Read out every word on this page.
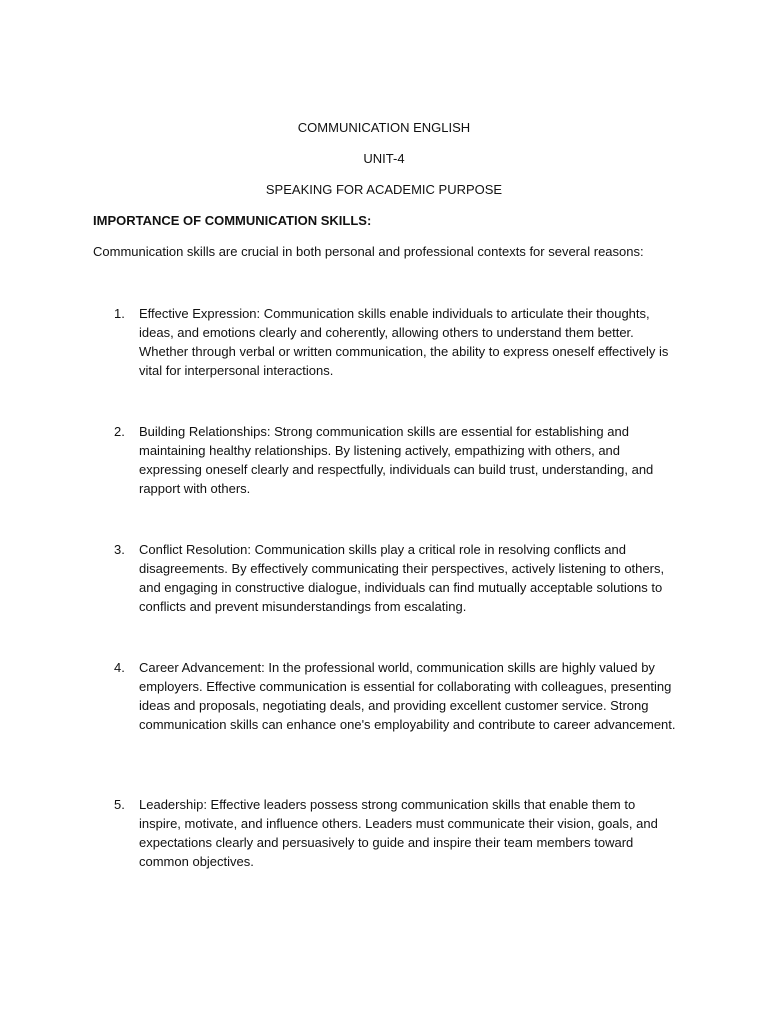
COMMUNICATION ENGLISH

UNIT-4

SPEAKING FOR ACADEMIC PURPOSE

IMPORTANCE OF COMMUNICATION SKILLS:

Communication skills are crucial in both personal and professional contexts for several reasons:

1.	Effective Expression: Communication skills enable individuals to articulate their thoughts, ideas, and emotions clearly and coherently, allowing others to understand them better. Whether through verbal or written communication, the ability to express oneself effectively is vital for interpersonal interactions.

2.	Building Relationships: Strong communication skills are essential for establishing and maintaining healthy relationships. By listening actively, empathizing with others, and expressing oneself clearly and respectfully, individuals can build trust, understanding, and rapport with others.

3.	Conflict Resolution: Communication skills play a critical role in resolving conflicts and disagreements. By effectively communicating their perspectives, actively listening to others, and engaging in constructive dialogue, individuals can find mutually acceptable solutions to conflicts and prevent misunderstandings from escalating.

4.	Career Advancement: In the professional world, communication skills are highly valued by employers. Effective communication is essential for collaborating with colleagues, presenting ideas and proposals, negotiating deals, and providing excellent customer service. Strong communication skills can enhance one's employability and contribute to career advancement.

5.	Leadership: Effective leaders possess strong communication skills that enable them to inspire, motivate, and influence others. Leaders must communicate their vision, goals, and expectations clearly and persuasively to guide and inspire their team members toward common objectives.
